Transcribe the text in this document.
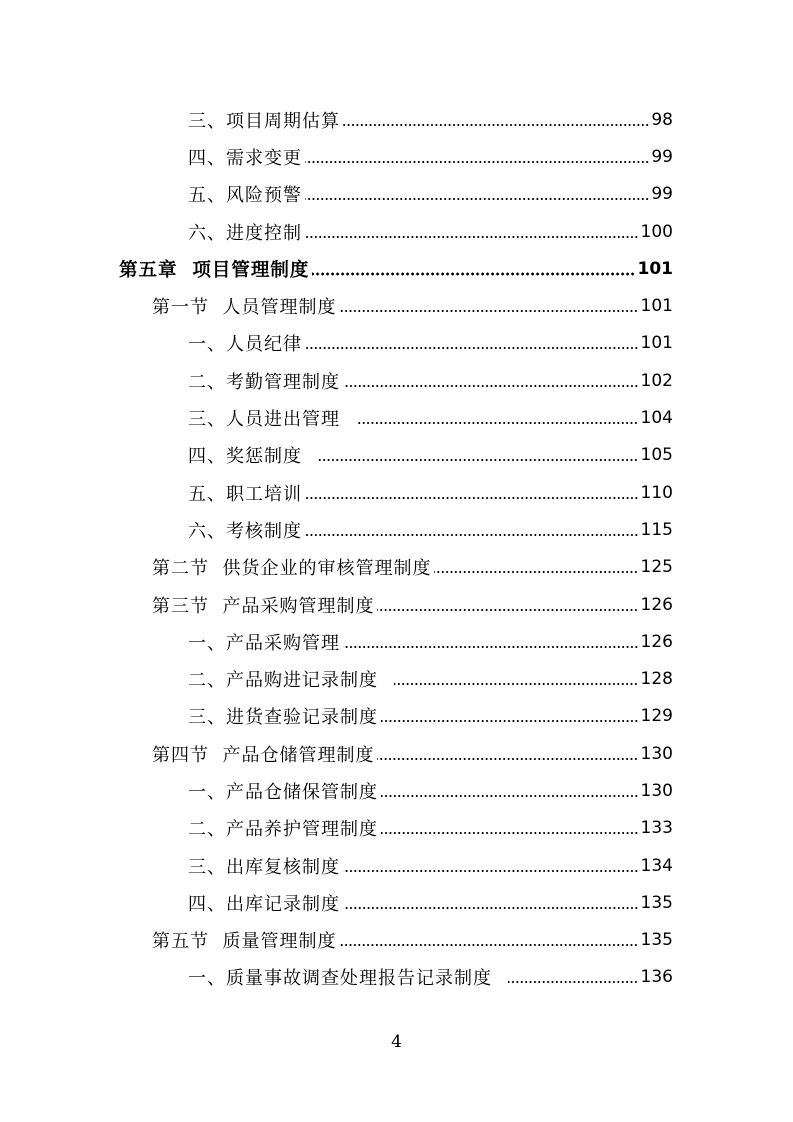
三、项目周期估算	98
四、需求变更	99
五、风险预警	99
六、进度控制	100
第五章  项目管理制度	101
第一节  人员管理制度	101
一、人员纪律	101
二、考勤管理制度	102
三、人员进出管理	104
四、奖惩制度	105
五、职工培训	110
六、考核制度	115
第二节  供货企业的审核管理制度	125
第三节  产品采购管理制度	126
一、产品采购管理	126
二、产品购进记录制度	128
三、进货查验记录制度	129
第四节  产品仓储管理制度	130
一、产品仓储保管制度	130
二、产品养护管理制度	133
三、出库复核制度	134
四、出库记录制度	135
第五节  质量管理制度	135
一、质量事故调查处理报告记录制度	136
4
